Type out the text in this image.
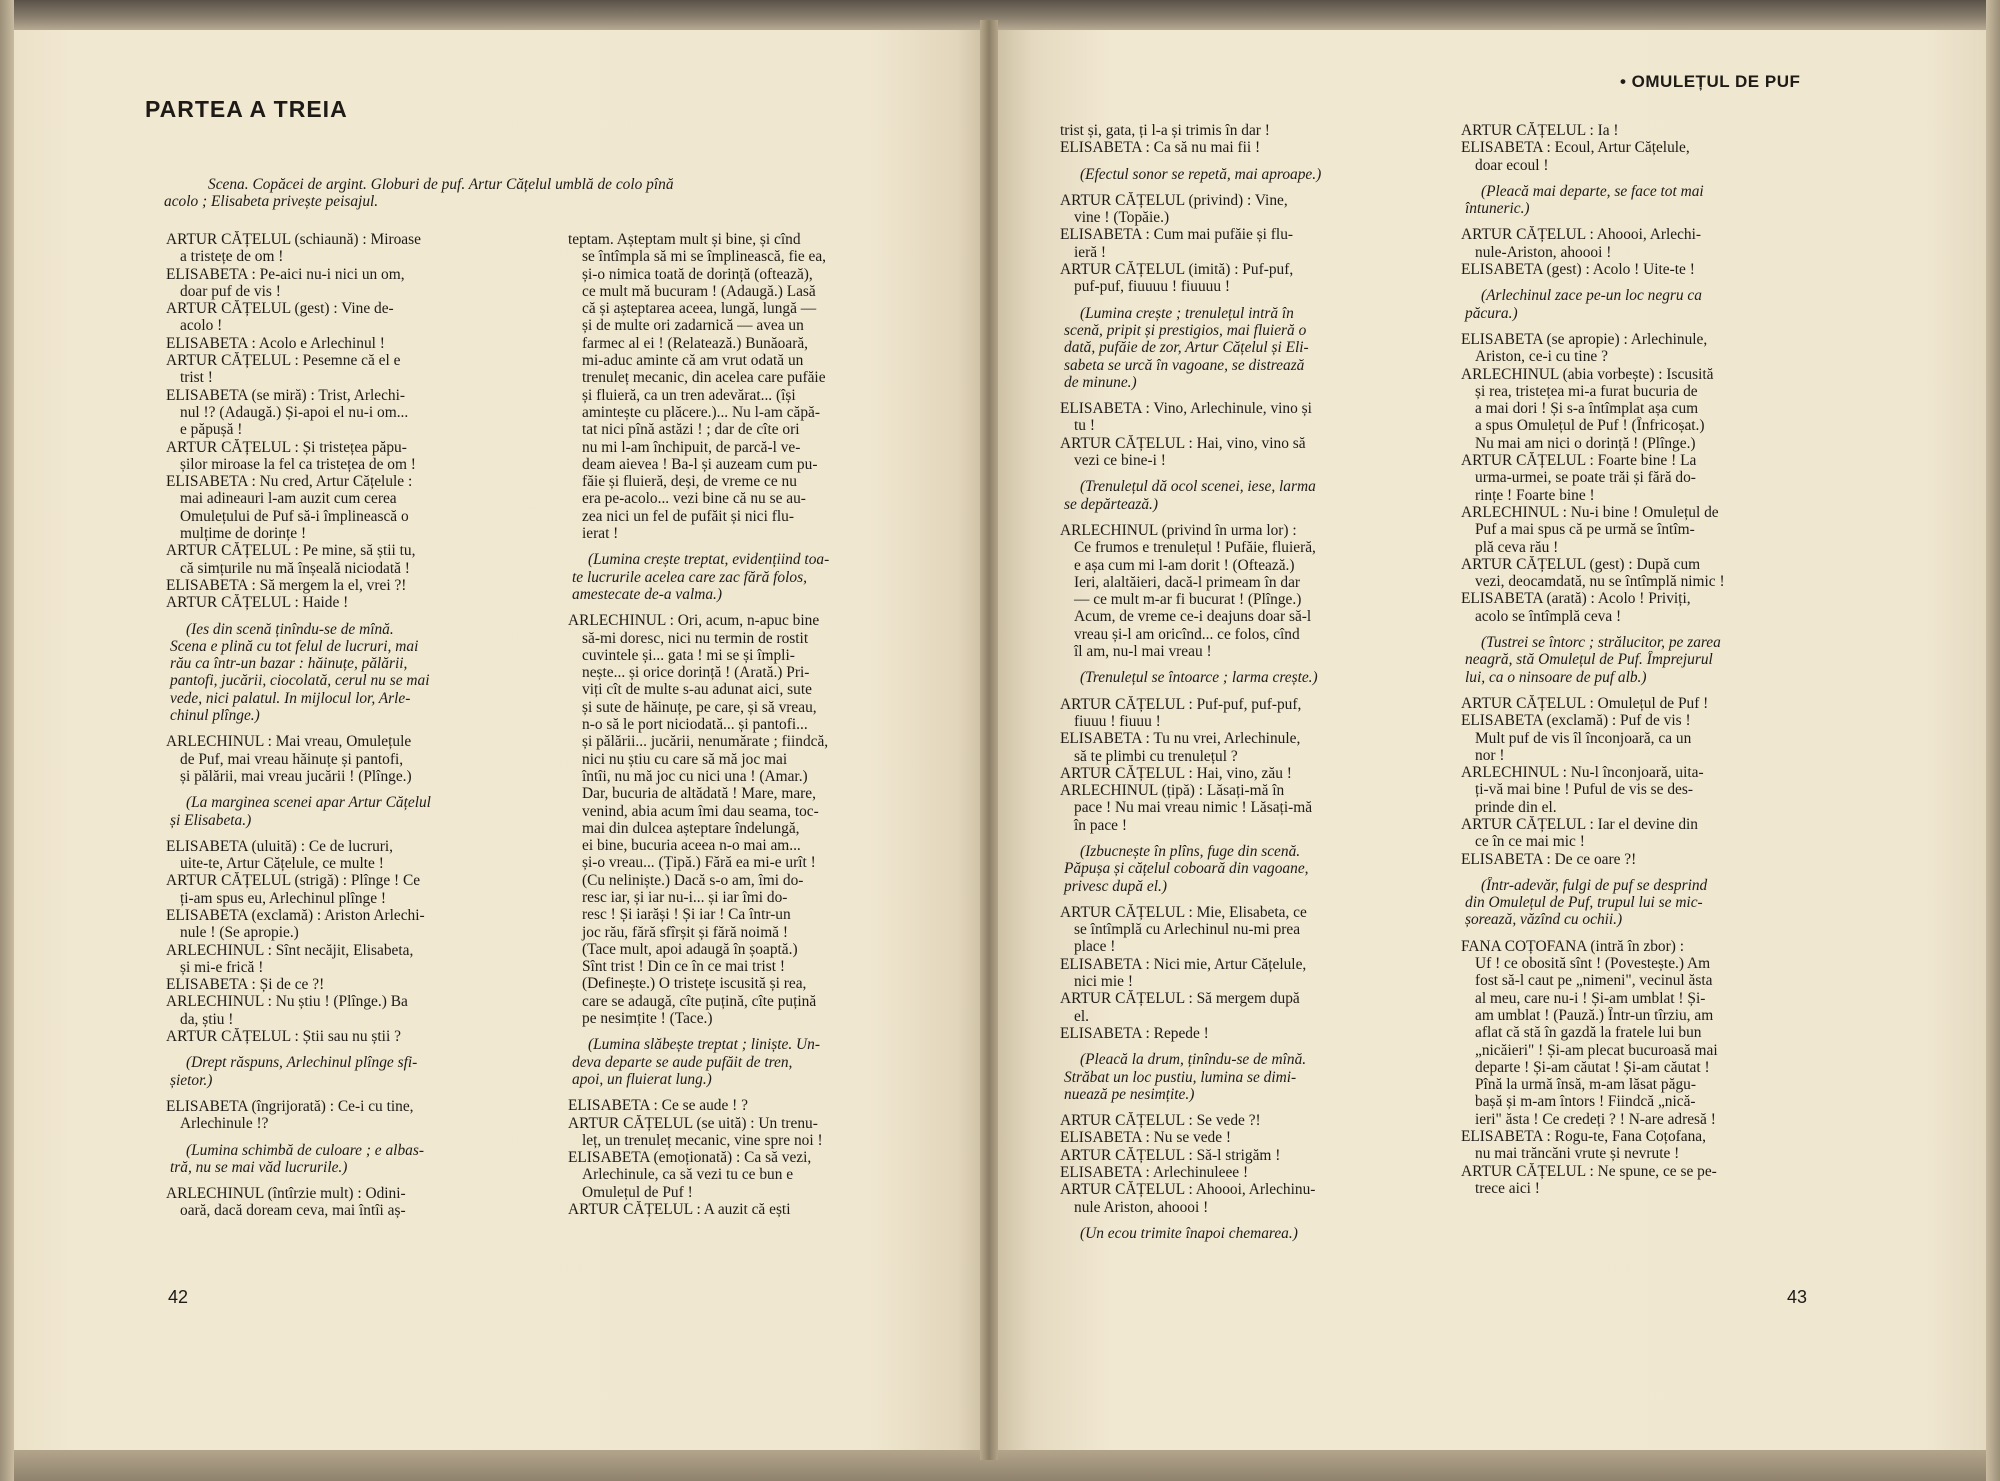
PARTEA A TREIA
Scena. Copăcei de argint. Globuri de puf. Artur Cățelul umblă de colo pînă
acolo ; Elisabeta privește peisajul.
ARTUR CĂȚELUL (schiaună) : Miroase
a tristețe de om !
ELISABETA : Pe-aici nu-i nici un om,
doar puf de vis !
ARTUR CĂȚELUL (gest) : Vine de-
acolo !
ELISABETA : Acolo e Arlechinul !
ARTUR CĂȚELUL : Pesemne că el e
trist !
ELISABETA (se miră) : Trist, Arlechi-
nul !? (Adaugă.) Și-apoi el nu-i om...
e păpușă !
ARTUR CĂȚELUL : Și tristețea păpu-
șilor miroase la fel ca tristețea de om !
ELISABETA : Nu cred, Artur Cățelule :
mai adineauri l-am auzit cum cerea
Omulețului de Puf să-i împlinească o
mulțime de dorințe !
ARTUR CĂȚELUL : Pe mine, să știi tu,
că simțurile nu mă înșeală niciodată !
ELISABETA : Să mergem la el, vrei ?!
ARTUR CĂȚELUL : Haide !
(Ies din scenă ținîndu-se de mînă.
Scena e plină cu tot felul de lucruri, mai
rău ca într-un bazar : hăinuțe, pălării,
pantofi, jucării, ciocolată, cerul nu se mai
vede, nici palatul. In mijlocul lor, Arle-
chinul plînge.)
ARLECHINUL : Mai vreau, Omulețule
de Puf, mai vreau hăinuțe și pantofi,
și pălării, mai vreau jucării ! (Plînge.)
(La marginea scenei apar Artur Cățelul
și Elisabeta.)
ELISABETA (uluită) : Ce de lucruri,
uite-te, Artur Cățelule, ce multe !
ARTUR CĂȚELUL (strigă) : Plînge ! Ce
ți-am spus eu, Arlechinul plînge !
ELISABETA (exclamă) : Ariston Arlechi-
nule ! (Se apropie.)
ARLECHINUL : Sînt necăjit, Elisabeta,
și mi-e frică !
ELISABETA : Și de ce ?!
ARLECHINUL : Nu știu ! (Plînge.) Ba
da, știu !
ARTUR CĂȚELUL : Știi sau nu știi ?
(Drept răspuns, Arlechinul plînge sfi-
șietor.)
ELISABETA (îngrijorată) : Ce-i cu tine,
Arlechinule !?
(Lumina schimbă de culoare ; e albas-
tră, nu se mai văd lucrurile.)
ARLECHINUL (întîrzie mult) : Odini-
oară, dacă doream ceva, mai întîi aș-
teptam. Așteptam mult și bine, și cînd
se întîmpla să mi se împlinească, fie ea,
și-o nimica toată de dorință (oftează),
ce mult mă bucuram ! (Adaugă.) Lasă
că și așteptarea aceea, lungă, lungă —
și de multe ori zadarnică — avea un
farmec al ei ! (Relatează.) Bunăoară,
mi-aduc aminte că am vrut odată un
trenuleț mecanic, din acelea care pufăie
și fluieră, ca un tren adevărat... (își
amintește cu plăcere.)... Nu l-am căpă-
tat nici pînă astăzi ! ; dar de cîte ori
nu mi l-am închipuit, de parcă-l ve-
deam aievea ! Ba-l și auzeam cum pu-
făie și fluieră, deși, de vreme ce nu
era pe-acolo... vezi bine că nu se au-
zea nici un fel de pufăit și nici flu-
ierat !
(Lumina crește treptat, evidențiind toa-
te lucrurile acelea care zac fără folos,
amestecate de-a valma.)
ARLECHINUL : Ori, acum, n-apuc bine
să-mi doresc, nici nu termin de rostit
cuvintele și... gata ! mi se și împli-
nește... și orice dorință ! (Arată.) Pri-
viți cît de multe s-au adunat aici, sute
și sute de hăinuțe, pe care, și să vreau,
n-o să le port niciodată... și pantofi...
și pălării... jucării, nenumărate ; fiindcă,
nici nu știu cu care să mă joc mai
întîi, nu mă joc cu nici una ! (Amar.)
Dar, bucuria de altădată ! Mare, mare,
venind, abia acum îmi dau seama, toc-
mai din dulcea așteptare îndelungă,
ei bine, bucuria aceea n-o mai am...
și-o vreau... (Țipă.) Fără ea mi-e urît !
(Cu neliniște.) Dacă s-o am, îmi do-
resc iar, și iar nu-i... și iar îmi do-
resc ! Și iarăși ! Și iar ! Ca într-un
joc rău, fără sfîrșit și fără noimă !
(Tace mult, apoi adaugă în șoaptă.)
Sînt trist ! Din ce în ce mai trist !
(Definește.) O tristețe iscusită și rea,
care se adaugă, cîte puțină, cîte puțină
pe nesimțite ! (Tace.)
(Lumina slăbește treptat ; liniște. Un-
deva departe se aude pufăit de tren,
apoi, un fluierat lung.)
ELISABETA : Ce se aude ! ?
ARTUR CĂȚELUL (se uită) : Un trenu-
leț, un trenuleț mecanic, vine spre noi !
ELISABETA (emoționată) : Ca să vezi,
Arlechinule, ca să vezi tu ce bun e
Omulețul de Puf !
ARTUR CĂȚELUL : A auzit că ești
42
• OMULEȚUL DE PUF
trist și, gata, ți l-a și trimis în dar !
ELISABETA : Ca să nu mai fii !
(Efectul sonor se repetă, mai aproape.)
ARTUR CĂȚELUL (privind) : Vine,
vine ! (Topăie.)
ELISABETA : Cum mai pufăie și flu-
ieră !
ARTUR CĂȚELUL (imită) : Puf-puf,
puf-puf, fiuuuu ! fiuuuu !
(Lumina crește ; trenulețul intră în
scenă, pripit și prestigios, mai fluieră o
dată, pufăie de zor, Artur Cățelul și Eli-
sabeta se urcă în vagoane, se distrează
de minune.)
ELISABETA : Vino, Arlechinule, vino și
tu !
ARTUR CĂȚELUL : Hai, vino, vino să
vezi ce bine-i !
(Trenulețul dă ocol scenei, iese, larma
se depărtează.)
ARLECHINUL (privind în urma lor) :
Ce frumos e trenulețul ! Pufăie, fluieră,
e așa cum mi l-am dorit ! (Oftează.)
Ieri, alaltăieri, dacă-l primeam în dar
— ce mult m-ar fi bucurat ! (Plînge.)
Acum, de vreme ce-i deajuns doar să-l
vreau și-l am oricînd... ce folos, cînd
îl am, nu-l mai vreau !
(Trenulețul se întoarce ; larma crește.)
ARTUR CĂȚELUL : Puf-puf, puf-puf,
fiuuu ! fiuuu !
ELISABETA : Tu nu vrei, Arlechinule,
să te plimbi cu trenulețul ?
ARTUR CĂȚELUL : Hai, vino, zău !
ARLECHINUL (țipă) : Lăsați-mă în
pace ! Nu mai vreau nimic ! Lăsați-mă
în pace !
(Izbucnește în plîns, fuge din scenă.
Păpușa și cățelul coboară din vagoane,
privesc după el.)
ARTUR CĂȚELUL : Mie, Elisabeta, ce
se întîmplă cu Arlechinul nu-mi prea
place !
ELISABETA : Nici mie, Artur Cățelule,
nici mie !
ARTUR CĂȚELUL : Să mergem după
el.
ELISABETA : Repede !
(Pleacă la drum, ținîndu-se de mînă.
Străbat un loc pustiu, lumina se dimi-
nuează pe nesimțite.)
ARTUR CĂȚELUL : Se vede ?!
ELISABETA : Nu se vede !
ARTUR CĂȚELUL : Să-l strigăm !
ELISABETA : Arlechinuleee !
ARTUR CĂȚELUL : Ahoooi, Arlechinu-
nule Ariston, ahoooi !
(Un ecou trimite înapoi chemarea.)
ARTUR CĂȚELUL : Ia !
ELISABETA : Ecoul, Artur Cățelule,
doar ecoul !
(Pleacă mai departe, se face tot mai
întuneric.)
ARTUR CĂȚELUL : Ahoooi, Arlechi-
nule-Ariston, ahoooi !
ELISABETA (gest) : Acolo ! Uite-te !
(Arlechinul zace pe-un loc negru ca
păcura.)
ELISABETA (se apropie) : Arlechinule,
Ariston, ce-i cu tine ?
ARLECHINUL (abia vorbește) : Iscusită
și rea, tristețea mi-a furat bucuria de
a mai dori ! Și s-a întîmplat așa cum
a spus Omulețul de Puf ! (Înfricoșat.)
Nu mai am nici o dorință ! (Plînge.)
ARTUR CĂȚELUL : Foarte bine ! La
urma-urmei, se poate trăi și fără do-
rințe ! Foarte bine !
ARLECHINUL : Nu-i bine ! Omulețul de
Puf a mai spus că pe urmă se întîm-
plă ceva rău !
ARTUR CĂȚELUL (gest) : După cum
vezi, deocamdată, nu se întîmplă nimic !
ELISABETA (arată) : Acolo ! Priviți,
acolo se întîmplă ceva !
(Tustrei se întorc ; strălucitor, pe zarea
neagră, stă Omulețul de Puf. Împrejurul
lui, ca o ninsoare de puf alb.)
ARTUR CĂȚELUL : Omulețul de Puf !
ELISABETA (exclamă) : Puf de vis !
Mult puf de vis îl înconjoară, ca un
nor !
ARLECHINUL : Nu-l înconjoară, uita-
ți-vă mai bine ! Puful de vis se des-
prinde din el.
ARTUR CĂȚELUL : Iar el devine din
ce în ce mai mic !
ELISABETA : De ce oare ?!
(Într-adevăr, fulgi de puf se desprind
din Omulețul de Puf, trupul lui se mic-
șorează, văzînd cu ochii.)
FANA COȚOFANA (intră în zbor) :
Uf ! ce obosită sînt ! (Povestește.) Am
fost să-l caut pe „nimeni", vecinul ăsta
al meu, care nu-i ! Și-am umblat ! Și-
am umblat ! (Pauză.) Într-un tîrziu, am
aflat că stă în gazdă la fratele lui bun
„nicăieri" ! Și-am plecat bucuroasă mai
departe ! Și-am căutat ! Și-am căutat !
Pînă la urmă însă, m-am lăsat păgu-
bașă și m-am întors ! Fiindcă „nică-
ieri" ăsta ! Ce credeți ? ! N-are adresă !
ELISABETA : Rogu-te, Fana Coțofana,
nu mai trăncăni vrute și nevrute !
ARTUR CĂȚELUL : Ne spune, ce se pe-
trece aici !
43
